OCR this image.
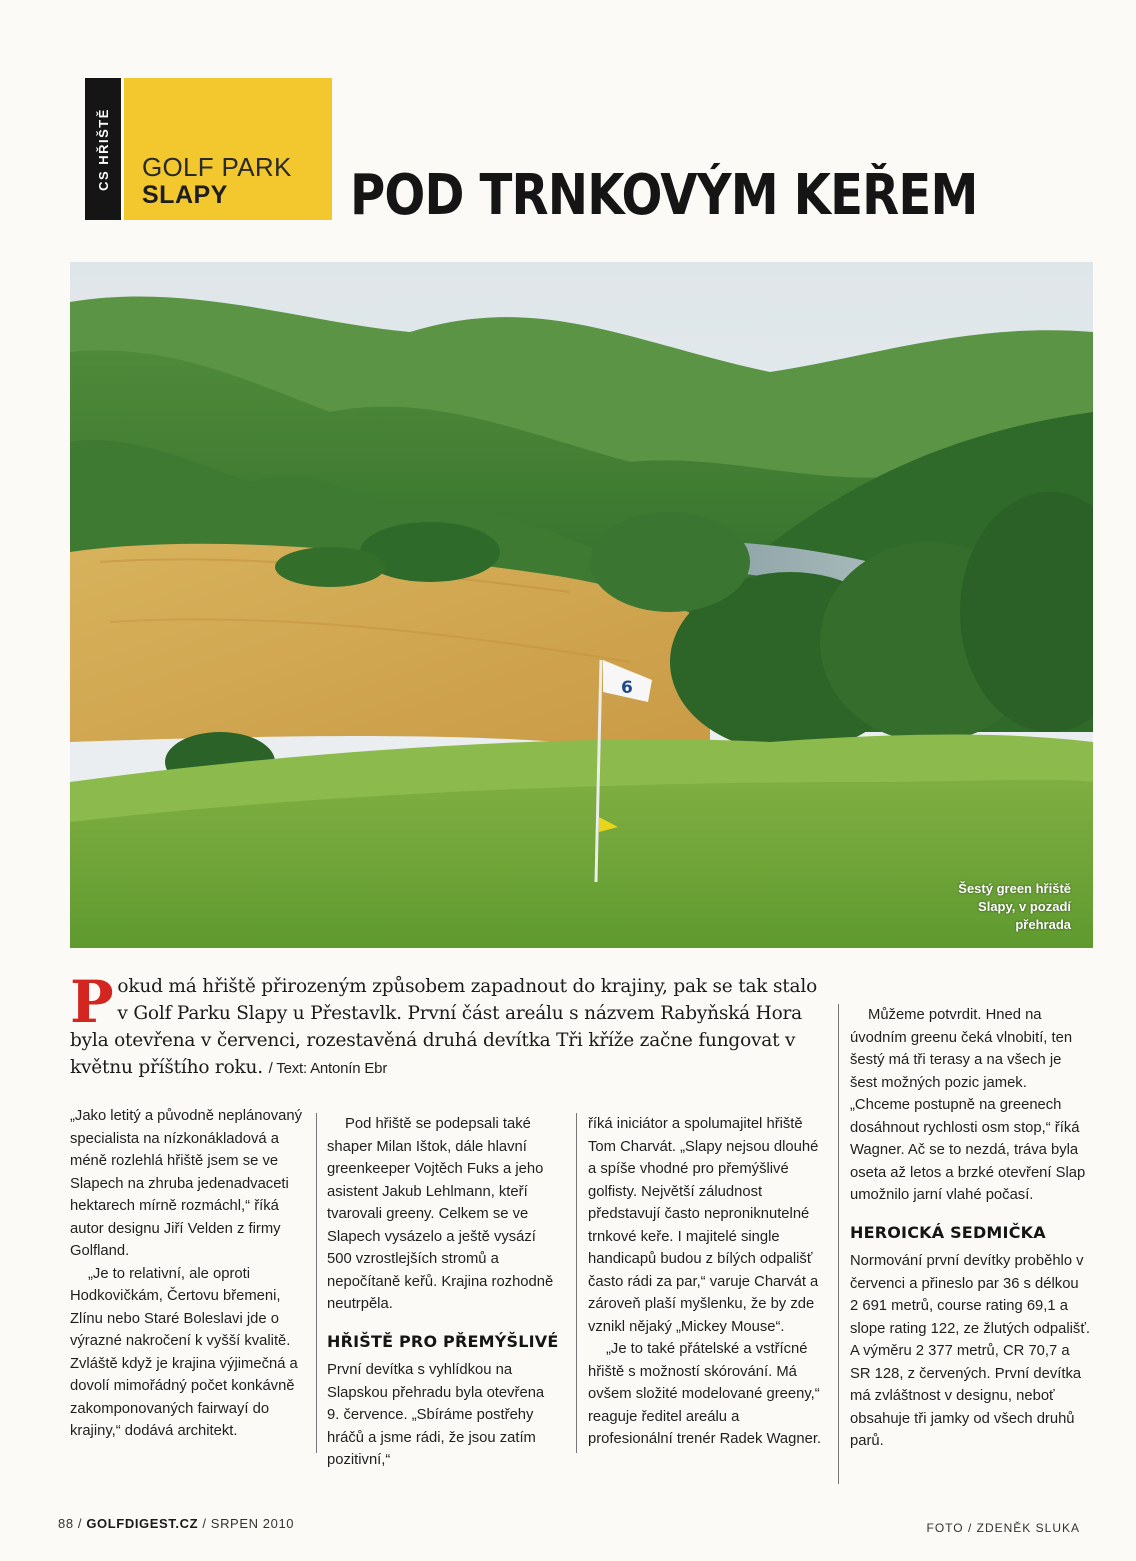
CS HŘIŠTĚ GOLF PARK
SLAPY POD TRNKOVÝM KEŘEM
6
Šestý green hřiště
Slapy, v pozadí
přehrada
Pokud má hřiště přirozeným způsobem zapadnout do krajiny, pak se tak stalo v Golf Parku Slapy u Přestavlk. První část areálu s názvem Rabyňská Hora byla otevřena v červenci, rozestavěná druhá devítka Tři kříže začne fungovat v květnu příštího roku. / Text: Antonín Ebr

„Jako letitý a původně neplánovaný specialista na nízkonákladová a méně rozlehlá hřiště jsem se ve Slapech na zhruba jedenadvaceti hektarech mírně rozmáchl,“ říká autor designu Jiří Velden z firmy Golfland.

„Je to relativní, ale oproti Hodkovičkám, Čertovu břemeni, Zlínu nebo Staré Boleslavi jde o výrazné nakročení k vyšší kvalitě. Zvláště když je krajina výjimečná a dovolí mimořádný počet konkávně zakomponovaných fairwayí do krajiny,“ dodává architekt.

Pod hřiště se podepsali také shaper Milan Ištok, dále hlavní greenkeeper Vojtěch Fuks a jeho asistent Jakub Lehlmann, kteří tvarovali greeny. Celkem se ve Slapech vysázelo a ještě vysází 500 vzrostlejších stromů a nepočítaně keřů. Krajina rozhodně neutrpěla.

HŘIŠTĚ PRO PŘEMÝŠLIVÉ

První devítka s vyhlídkou na Slapskou přehradu byla otevřena 9. července. „Sbíráme postřehy hráčů a jsme rádi, že jsou zatím pozitivní,“

říká iniciátor a spolumajitel hřiště Tom Charvát. „Slapy nejsou dlouhé a spíše vhodné pro přemýšlivé golfisty. Největší záludnost představují často neproniknutelné trnkové keře. I majitelé single handicapů budou z bílých odpališť často rádi za par,“ varuje Charvát a zároveň plaší myšlenku, že by zde vznikl nějaký „Mickey Mouse“.

„Je to také přátelské a vstřícné hřiště s možností skórování. Má ovšem složité modelované greeny,“ reaguje ředitel areálu a profesionální trenér Radek Wagner.

Můžeme potvrdit. Hned na úvodním greenu čeká vlnobití, ten šestý má tři terasy a na všech je šest možných pozic jamek. „Chceme postupně na greenech dosáhnout rychlosti osm stop,“ říká Wagner. Ač se to nezdá, tráva byla oseta až letos a brzké otevření Slap umožnilo jarní vlahé počasí.

HEROICKÁ SEDMIČKA

Normování první devítky proběhlo v červenci a přineslo par 36 s délkou 2 691 metrů, course rating 69,1 a slope rating 122, ze žlutých odpališť. A výměru 2 377 metrů, CR 70,7 a SR 128, z červených. První devítka má zvláštnost v designu, neboť obsahuje tři jamky od všech druhů parů.

88 / GOLFDIGEST.CZ / SRPEN 2010	FOTO / ZDENĚK SLUKA
